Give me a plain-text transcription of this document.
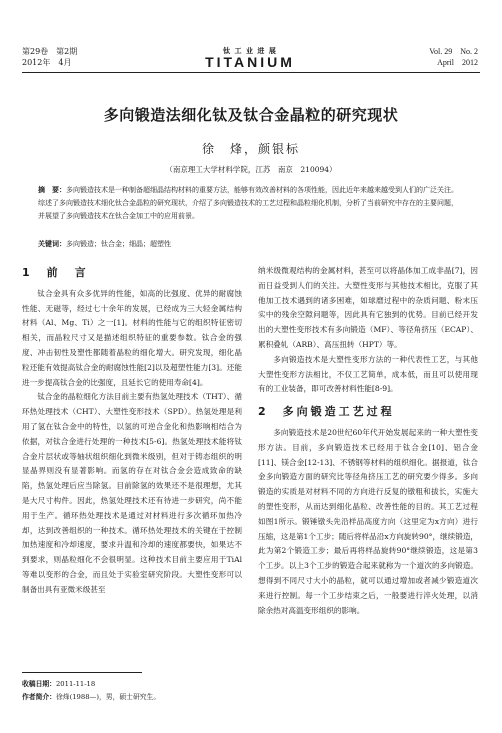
第29卷　第2期
2012年　4月
钛 工 业 进 展
TITANIUM
Vol. 29　No. 2
April　2012
多向锻造法细化钛及钛合金晶粒的研究现状
徐　烽，颜银标
（南京理工大学材料学院，江苏　南京　210094）
摘　要：多向锻造技术是一种制备超细晶结构材料的重要方法，能够有效改善材料的各项性能，因此近年来越来越受到人们的广泛关注。综述了多向锻造技术细化钛合金晶粒的研究现状，介绍了多向锻造技术的工艺过程和晶粒细化机制，分析了当前研究中存在的主要问题，并展望了多向锻造技术在钛合金加工中的应用前景。
关键词：多向锻造；钛合金；细晶；超塑性
1　前　言

钛合金具有众多优异的性能，如高的比强度、优异的耐腐蚀性能、无磁等，经过七十余年的发展，已经成为三大轻金属结构材料（Al、Mg、Ti）之一[1]。材料的性能与它的组织特征密切相关，而晶粒尺寸又是描述组织特征的重要参数。钛合金的强度、冲击韧性及塑性都随着晶粒的细化增大。研究发现，细化晶粒还能有效提高钛合金的耐腐蚀性能[2]以及超塑性能力[3]。还能进一步提高钛合金的比强度，且延长它的使用寿命[4]。

钛合金的晶粒细化方法目前主要有热氢处理技术（THT）、循环热处理技术（CHT）、大塑性变形技术（SPD）。热氢处理是利用了氢在钛合金中的特性，以氢的可逆合金化和热影响相结合为依据，对钛合金进行处理的一种技术[5-6]。热氢处理技术能将钛合金片层状或等轴状组织细化到微米级别，但对于铸态组织的明显晶界则没有显著影响。而氢的存在对钛合金会造成致命的缺陷，热氢处理后应当除氢。目前除氢的效果还不是很理想，尤其是大尺寸构件。因此，热氢处理技术还有待进一步研究，尚不能用于生产。循环热处理技术是通过对材料进行多次循环加热冷却，达到改善组织的一种技术。循环热处理技术的关键在于控制加热速度和冷却速度，要求升温和冷却的速度都要快，如果达不到要求，则晶粒细化不会很明显。这种技术目前主要应用于TiAl等难以变形的合金，而且处于实验室研究阶段。大塑性变形可以制备出具有亚微米级甚至

纳米级微观结构的金属材料，甚至可以将晶体加工成非晶[7]，因而日益受到人们的关注。大塑性变形与其他技术相比，克服了其他加工技术遇到的诸多困难，如球磨过程中的杂质问题、粉末压实中的残余空隙问题等，因此具有它独到的优势。目前已经开发出的大塑性变形技术有多向锻造（MF）、等径角挤压（ECAP）、累积叠轧（ARB）、高压扭转（HPT）等。

多向锻造技术是大塑性变形方法的一种代表性工艺，与其他大塑性变形方法相比，不仅工艺简单，成本低，而且可以使用现有的工业装备，即可改善材料性能[8-9]。

2　多向锻造工艺过程

多向锻造技术是20世纪60年代开始发展起来的一种大塑性变形方法。目前，多向锻造技术已经用于钛合金[10]、铝合金[11]、镁合金[12-13]、不锈钢等材料的组织细化。据报道，钛合金多向锻造方面的研究比等径角挤压工艺的研究要少得多。多向锻造的实质是对材料不同的方向进行反复的镦粗和拔长，实施大的塑性变形，从而达到细化晶粒、改善性能的目的。其工艺过程如图1所示。锻锤镦头先沿样品高度方向（这里定为x方向）进行压缩，这是第1个工步；随后将样品沿x方向旋转90°，继续锻造，此为第2个锻造工步；最后再将样品旋转90°继续锻造，这是第3个工步。以上3个工步的锻造合起来就称为一个道次的多向锻造。想得到不同尺寸大小的晶粒，就可以通过增加或者减少锻造道次来进行控制。每一个工步结束之后，一般要进行淬火处理，以消除余热对高温变形组织的影响。

收稿日期：2011-11-18
作者简介：徐烽(1988—)，男，硕士研究生。
